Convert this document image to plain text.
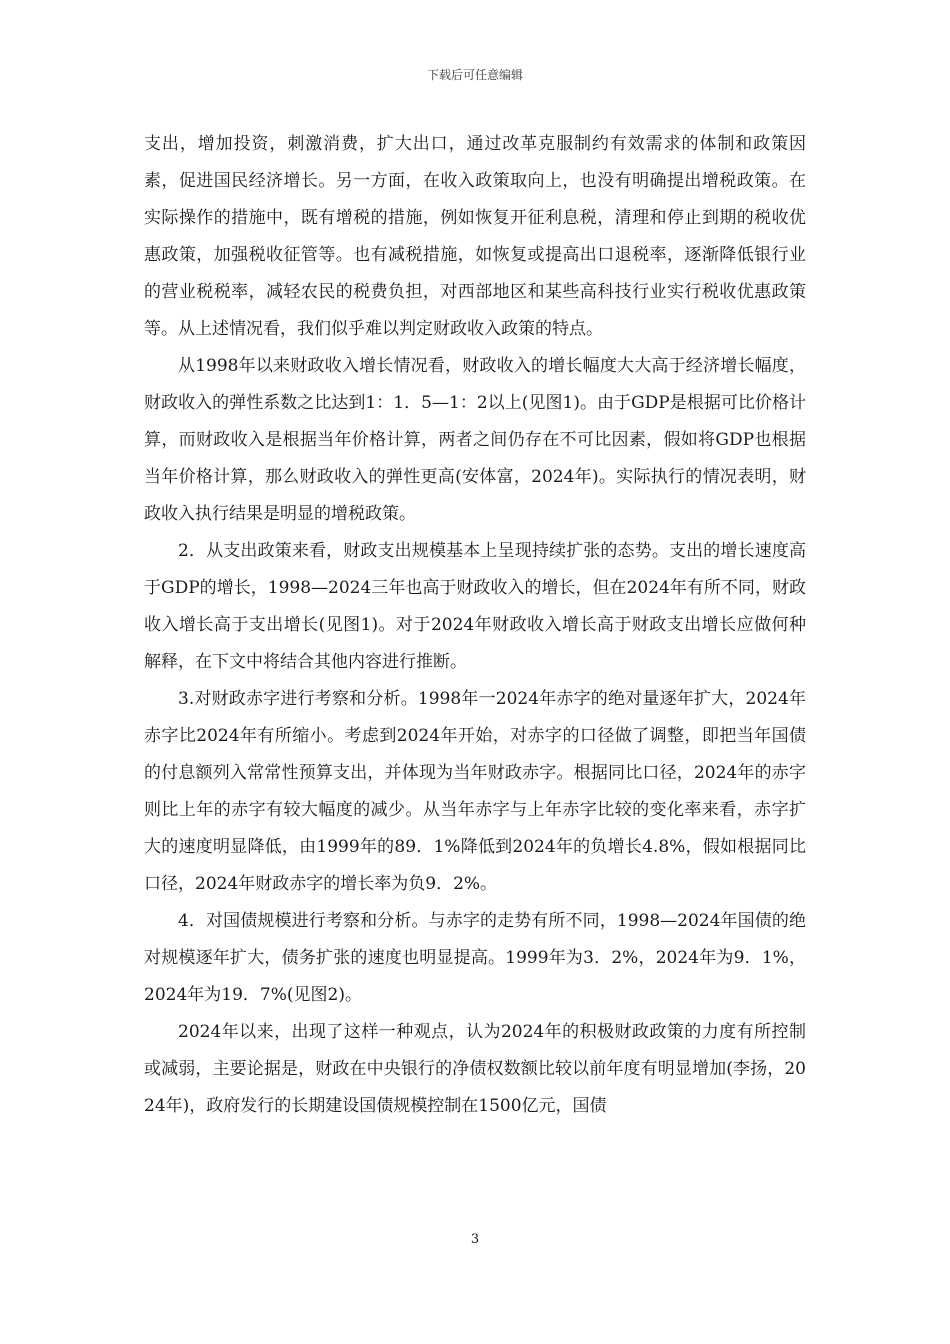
下载后可任意编辑

支出，增加投资，刺激消费，扩大出口，通过改革克服制约有效需求的体制和政策因素，促进国民经济增长。另一方面，在收入政策取向上，也没有明确提出增税政策。在实际操作的措施中，既有增税的措施，例如恢复开征利息税，清理和停止到期的税收优惠政策，加强税收征管等。也有减税措施，如恢复或提高出口退税率，逐渐降低银行业的营业税税率，减轻农民的税费负担，对西部地区和某些高科技行业实行税收优惠政策等。从上述情况看，我们似乎难以判定财政收入政策的特点。

从1998年以来财政收入增长情况看，财政收入的增长幅度大大高于经济增长幅度，财政收入的弹性系数之比达到1：1．5—1：2以上(见图1)。由于GDP是根据可比价格计算，而财政收入是根据当年价格计算，两者之间仍存在不可比因素，假如将GDP也根据当年价格计算，那么财政收入的弹性更高(安体富，2024年)。实际执行的情况表明，财政收入执行结果是明显的增税政策。

2．从支出政策来看，财政支出规模基本上呈现持续扩张的态势。支出的增长速度高于GDP的增长，1998—2024三年也高于财政收入的增长，但在2024年有所不同，财政收入增长高于支出增长(见图1)。对于2024年财政收入增长高于财政支出增长应做何种解释，在下文中将结合其他内容进行推断。

3.对财政赤字进行考察和分析。1998年一2024年赤字的绝对量逐年扩大，2024年赤字比2024年有所缩小。考虑到2024年开始，对赤字的口径做了调整，即把当年国债的付息额列入常常性预算支出，并体现为当年财政赤字。根据同比口径，2024年的赤字则比上年的赤字有较大幅度的减少。从当年赤字与上年赤字比较的变化率来看，赤字扩大的速度明显降低，由1999年的89．1%降低到2024年的负增长4.8%，假如根据同比口径，2024年财政赤字的增长率为负9．2%。

4．对国债规模进行考察和分析。与赤字的走势有所不同，1998—2024年国债的绝对规模逐年扩大，债务扩张的速度也明显提高。1999年为3．2%，2024年为9．1%，2024年为19．7%(见图2)。

2024年以来，出现了这样一种观点，认为2024年的积极财政政策的力度有所控制或减弱，主要论据是，财政在中央银行的净债权数额比较以前年度有明显增加(李扬，2024年)，政府发行的长期建设国债规模控制在1500亿元，国债

3
